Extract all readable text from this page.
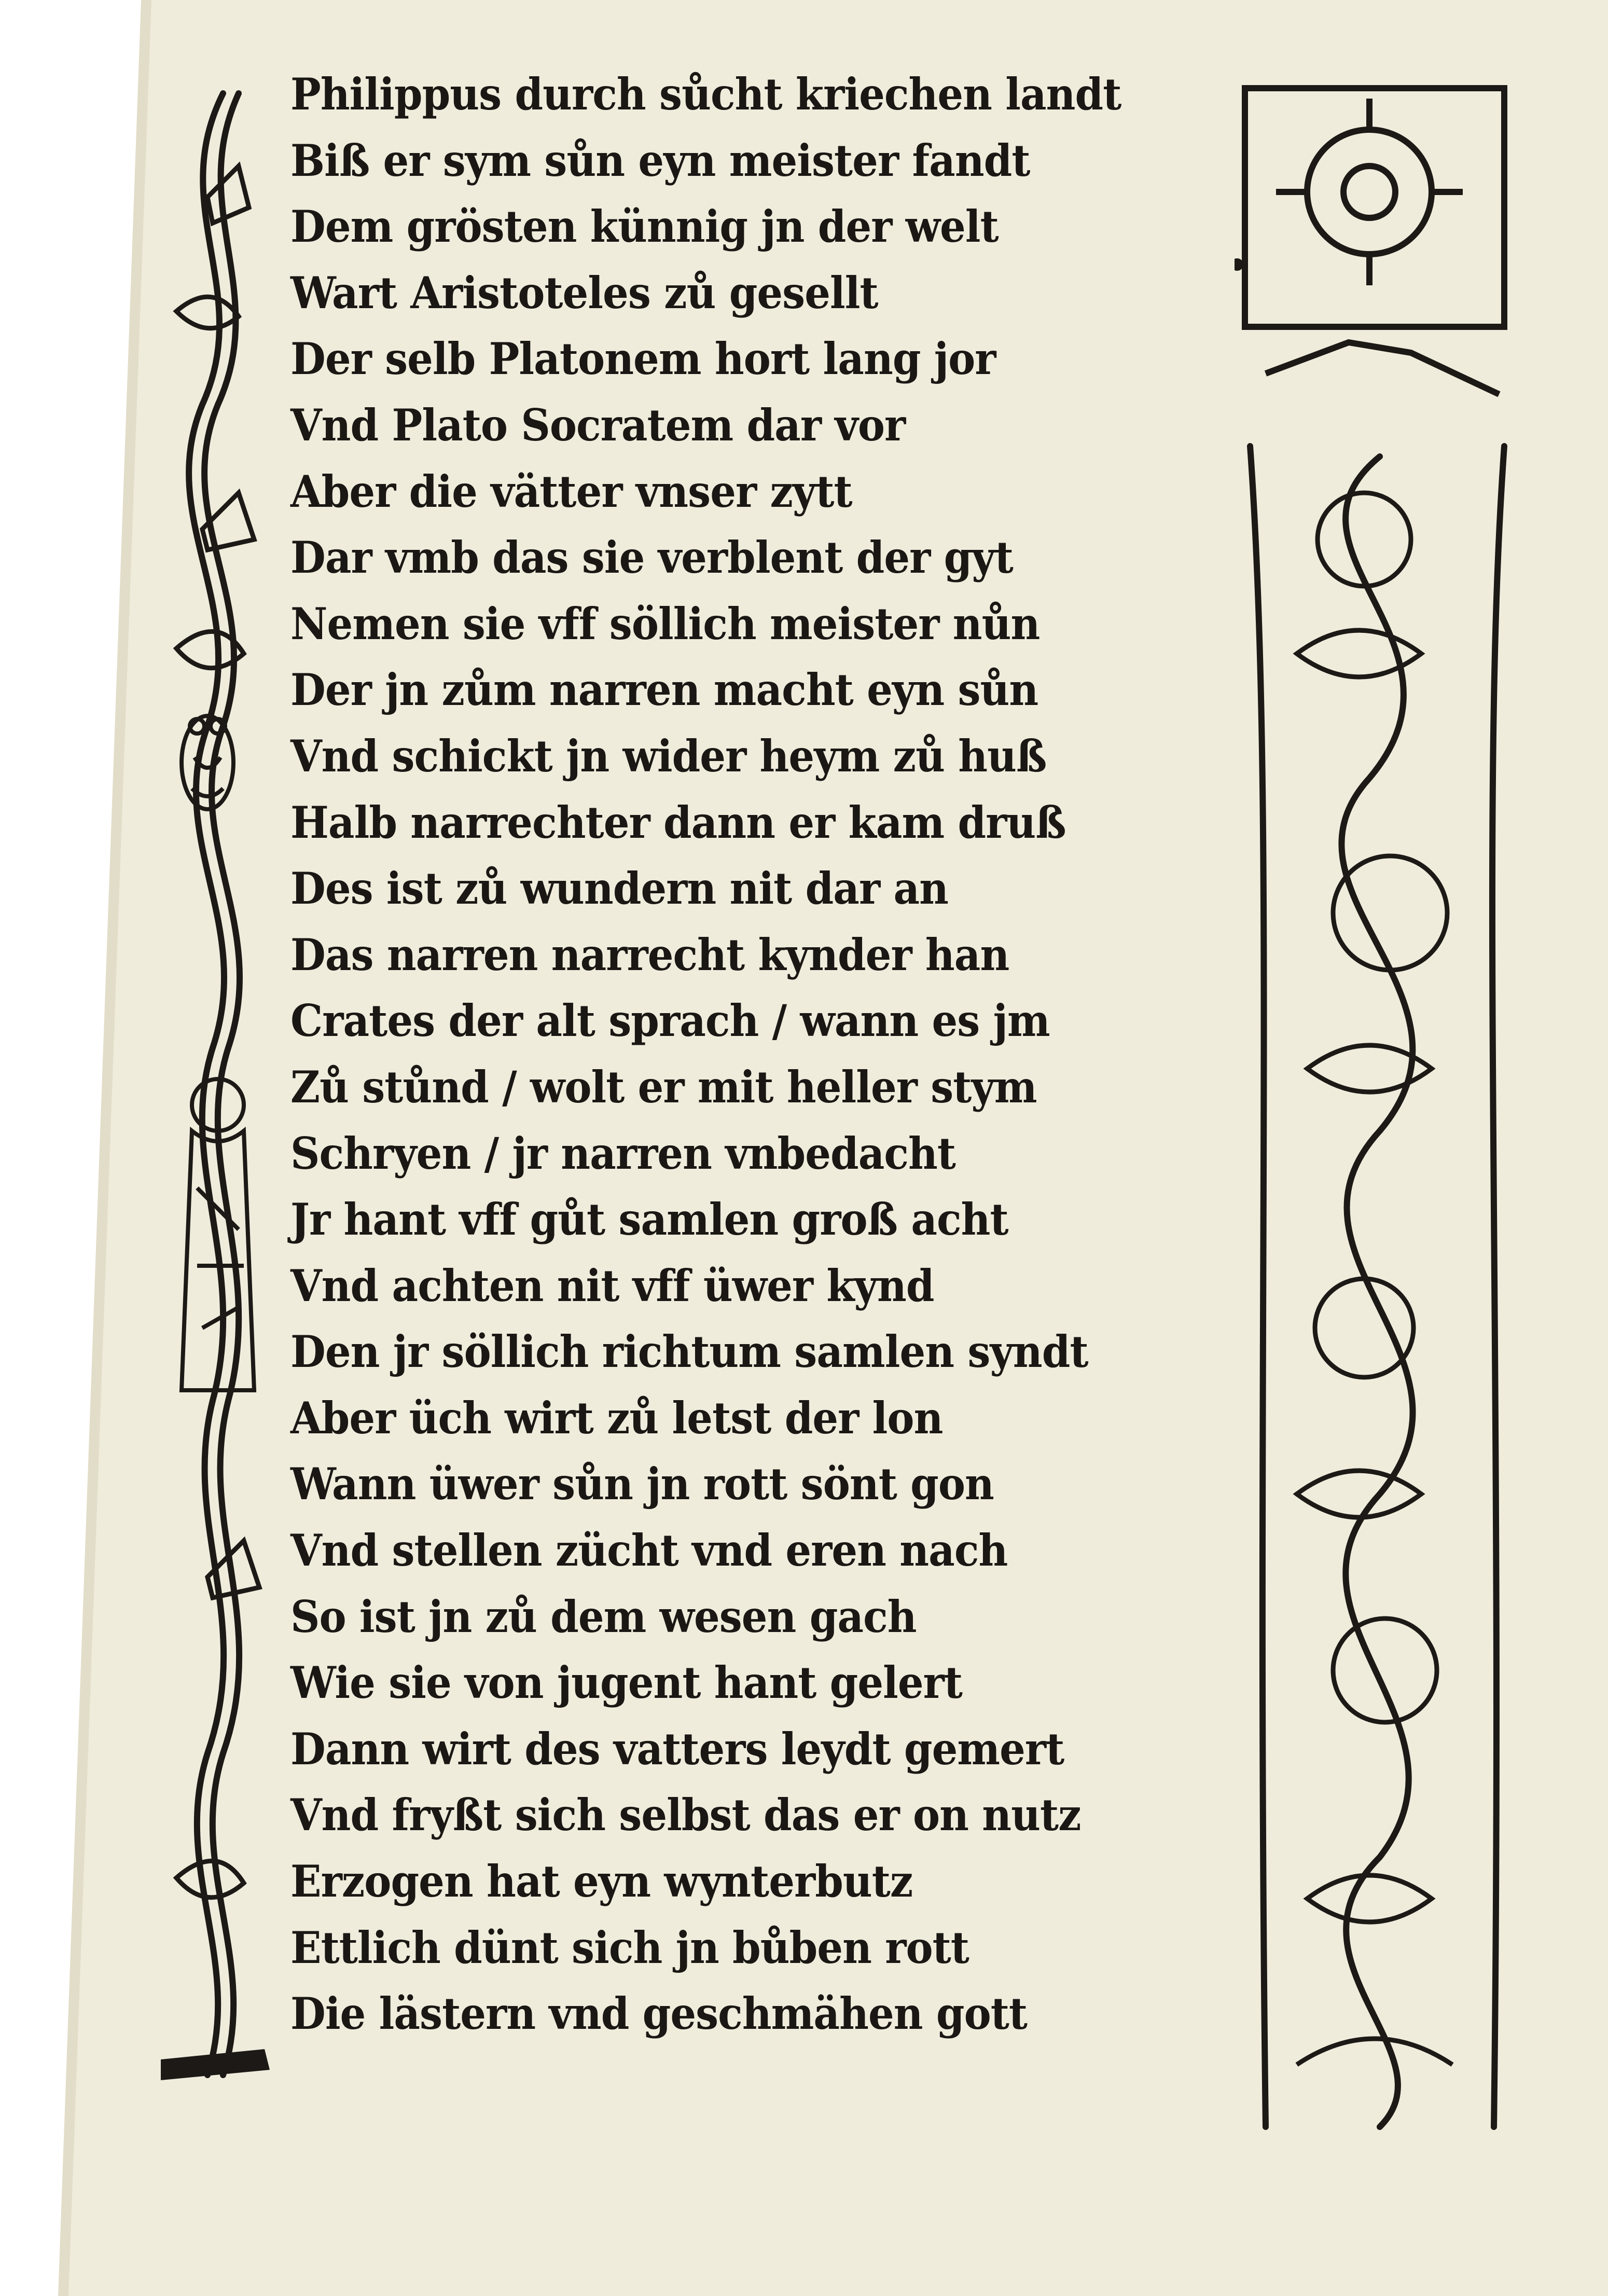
Philippus durch sůcht kriechen landt
Biß er sym sůn eyn meister fandt
Dem grösten künnig jn der welt
Wart Aristoteles zů gesellt
Der selb Platonem hort lang jor
Vnd Plato Socratem dar vor
Aber die vätter vnser zytt
Dar vmb das sie verblent der gyt
Nemen sie vff söllich meister nůn
Der jn zům narren macht eyn sůn
Vnd schickt jn wider heym zů huß
Halb narrechter dann er kam druß
Des ist zů wundern nit dar an
Das narren narrecht kynder han
Crates der alt sprach / wann es jm
Zů stůnd / wolt er mit heller stym
Schryen / jr narren vnbedacht
Jr hant vff gůt samlen groß acht
Vnd achten nit vff üwer kynd
Den jr söllich richtum samlen syndt
Aber üch wirt zů letst der lon
Wann üwer sůn jn rott sönt gon
Vnd stellen zücht vnd eren nach
So ist jn zů dem wesen gach
Wie sie von jugent hant gelert
Dann wirt des vatters leydt gemert
Vnd fryßt sich selbst das er on nutz
Erzogen hat eyn wynterbutz
Ettlich dünt sich jn bůben rott
Die lästern vnd geschmähen gott
